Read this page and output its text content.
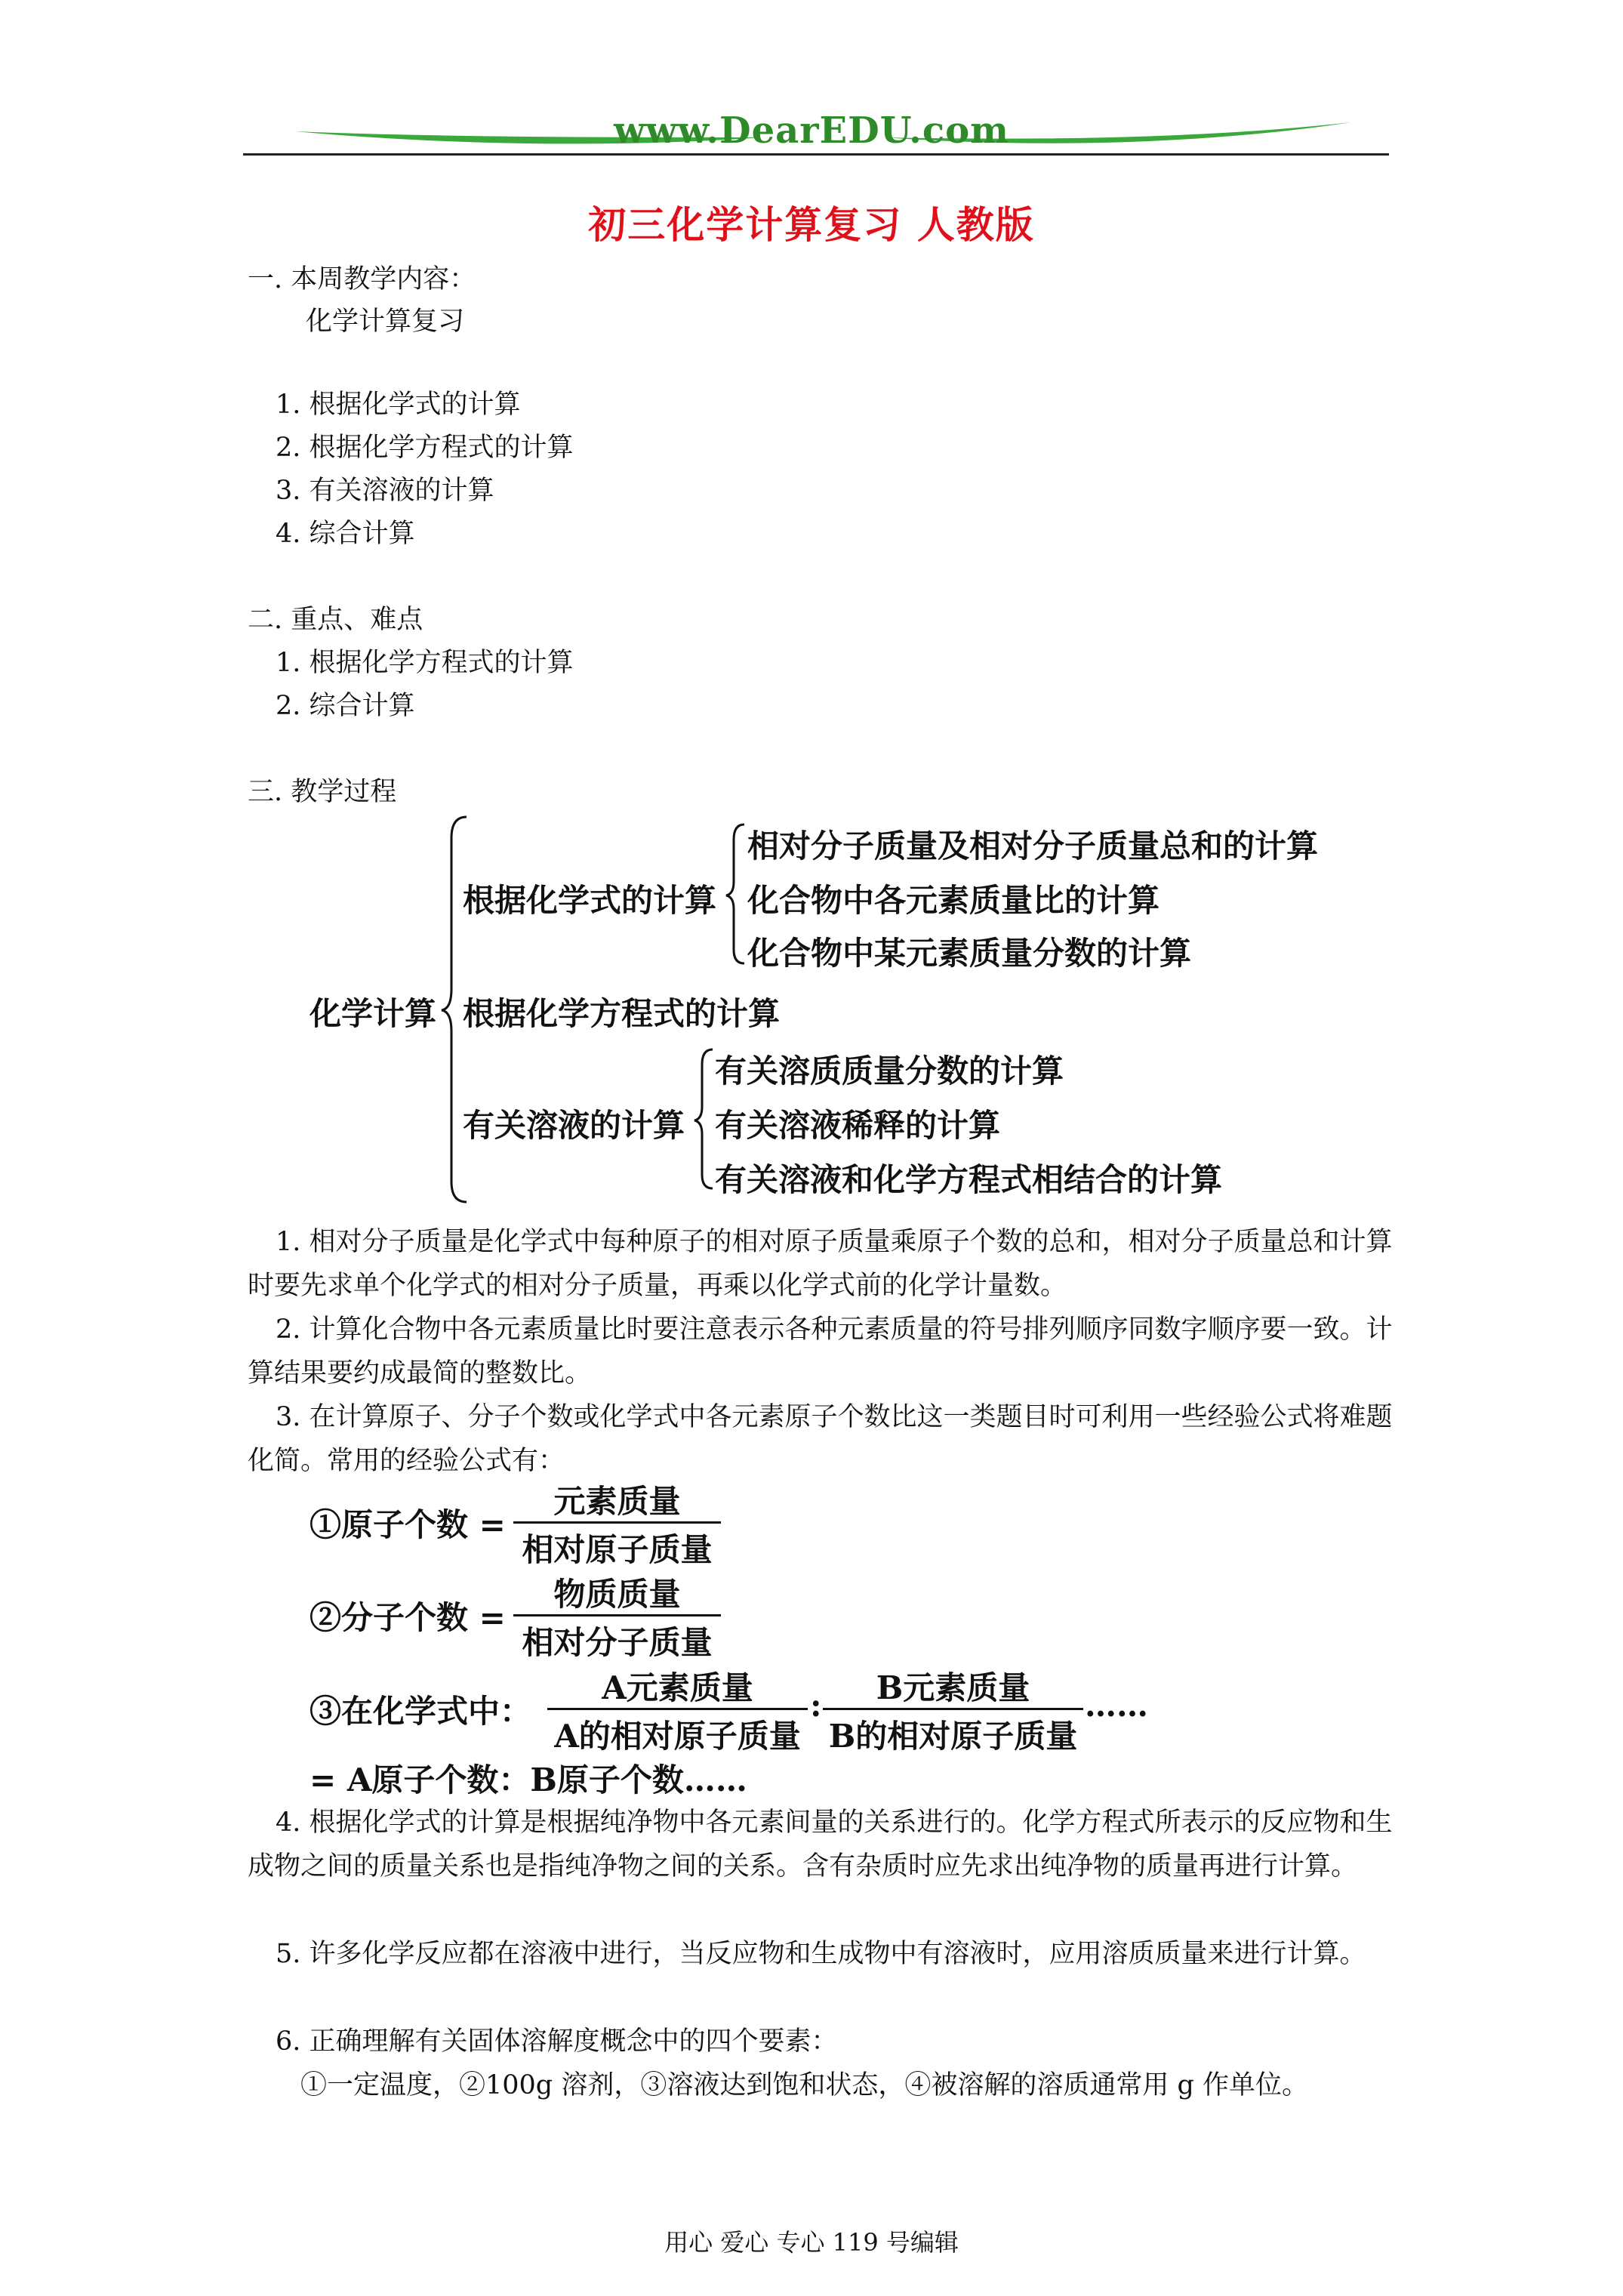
www.DearEDU.com
初三化学计算复习 人教版
一. 本周教学内容：
化学计算复习
1. 根据化学式的计算
2. 根据化学方程式的计算
3. 有关溶液的计算
4. 综合计算
二. 重点、难点
1. 根据化学方程式的计算
2. 综合计算
三. 教学过程
化学计算
根据化学式的计算
相对分子质量及相对分子质量总和的计算
化合物中各元素质量比的计算
化合物中某元素质量分数的计算
根据化学方程式的计算
有关溶液的计算
有关溶质质量分数的计算
有关溶液稀释的计算
有关溶液和化学方程式相结合的计算
1. 相对分子质量是化学式中每种原子的相对原子质量乘原子个数的总和，相对分子质量总和计算时要先求单个化学式的相对分子质量，再乘以化学式前的化学计量数。
2. 计算化合物中各元素质量比时要注意表示各种元素质量的符号排列顺序同数字顺序要一致。计算结果要约成最简的整数比。
3. 在计算原子、分子个数或化学式中各元素原子个数比这一类题目时可利用一些经验公式将难题化简。常用的经验公式有：
①原子个数 =
元素质量
相对原子质量
②分子个数 =
物质质量
相对分子质量
③在化学式中：
A元素质量
A的相对原子质量
:	B元素质量
B的相对原子质量
……
= A原子个数：B原子个数……
4. 根据化学式的计算是根据纯净物中各元素间量的关系进行的。化学方程式所表示的反应物和生成物之间的质量关系也是指纯净物之间的关系。含有杂质时应先求出纯净物的质量再进行计算。
5. 许多化学反应都在溶液中进行，当反应物和生成物中有溶液时，应用溶质质量来进行计算。
6. 正确理解有关固体溶解度概念中的四个要素：
①一定温度，②100g 溶剂，③溶液达到饱和状态，④被溶解的溶质通常用 g 作单位。
用心 爱心 专心 119 号编辑
